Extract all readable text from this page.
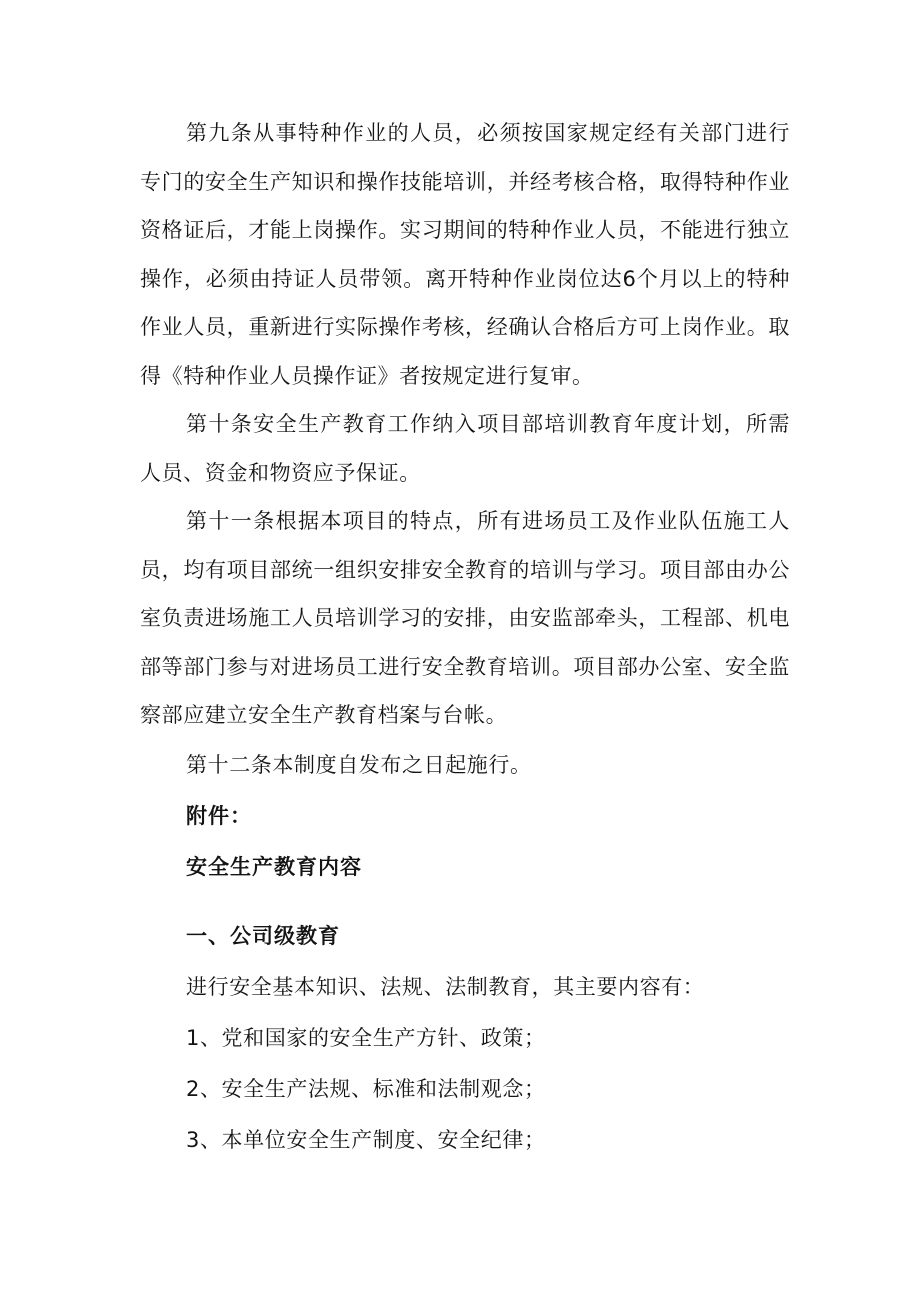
第九条从事特种作业的人员，必须按国家规定经有关部门进行专门的安全生产知识和操作技能培训，并经考核合格，取得特种作业资格证后，才能上岗操作。实习期间的特种作业人员，不能进行独立操作，必须由持证人员带领。离开特种作业岗位达6个月以上的特种作业人员，重新进行实际操作考核，经确认合格后方可上岗作业。取得《特种作业人员操作证》者按规定进行复审。

第十条安全生产教育工作纳入项目部培训教育年度计划，所需人员、资金和物资应予保证。

第十一条根据本项目的特点，所有进场员工及作业队伍施工人员，均有项目部统一组织安排安全教育的培训与学习。项目部由办公室负责进场施工人员培训学习的安排，由安监部牵头，工程部、机电部等部门参与对进场员工进行安全教育培训。项目部办公室、安全监察部应建立安全生产教育档案与台帐。

第十二条本制度自发布之日起施行。

附件：

安全生产教育内容

一、公司级教育

进行安全基本知识、法规、法制教育，其主要内容有：

1、党和国家的安全生产方针、政策；

2、安全生产法规、标准和法制观念；

3、本单位安全生产制度、安全纪律；
